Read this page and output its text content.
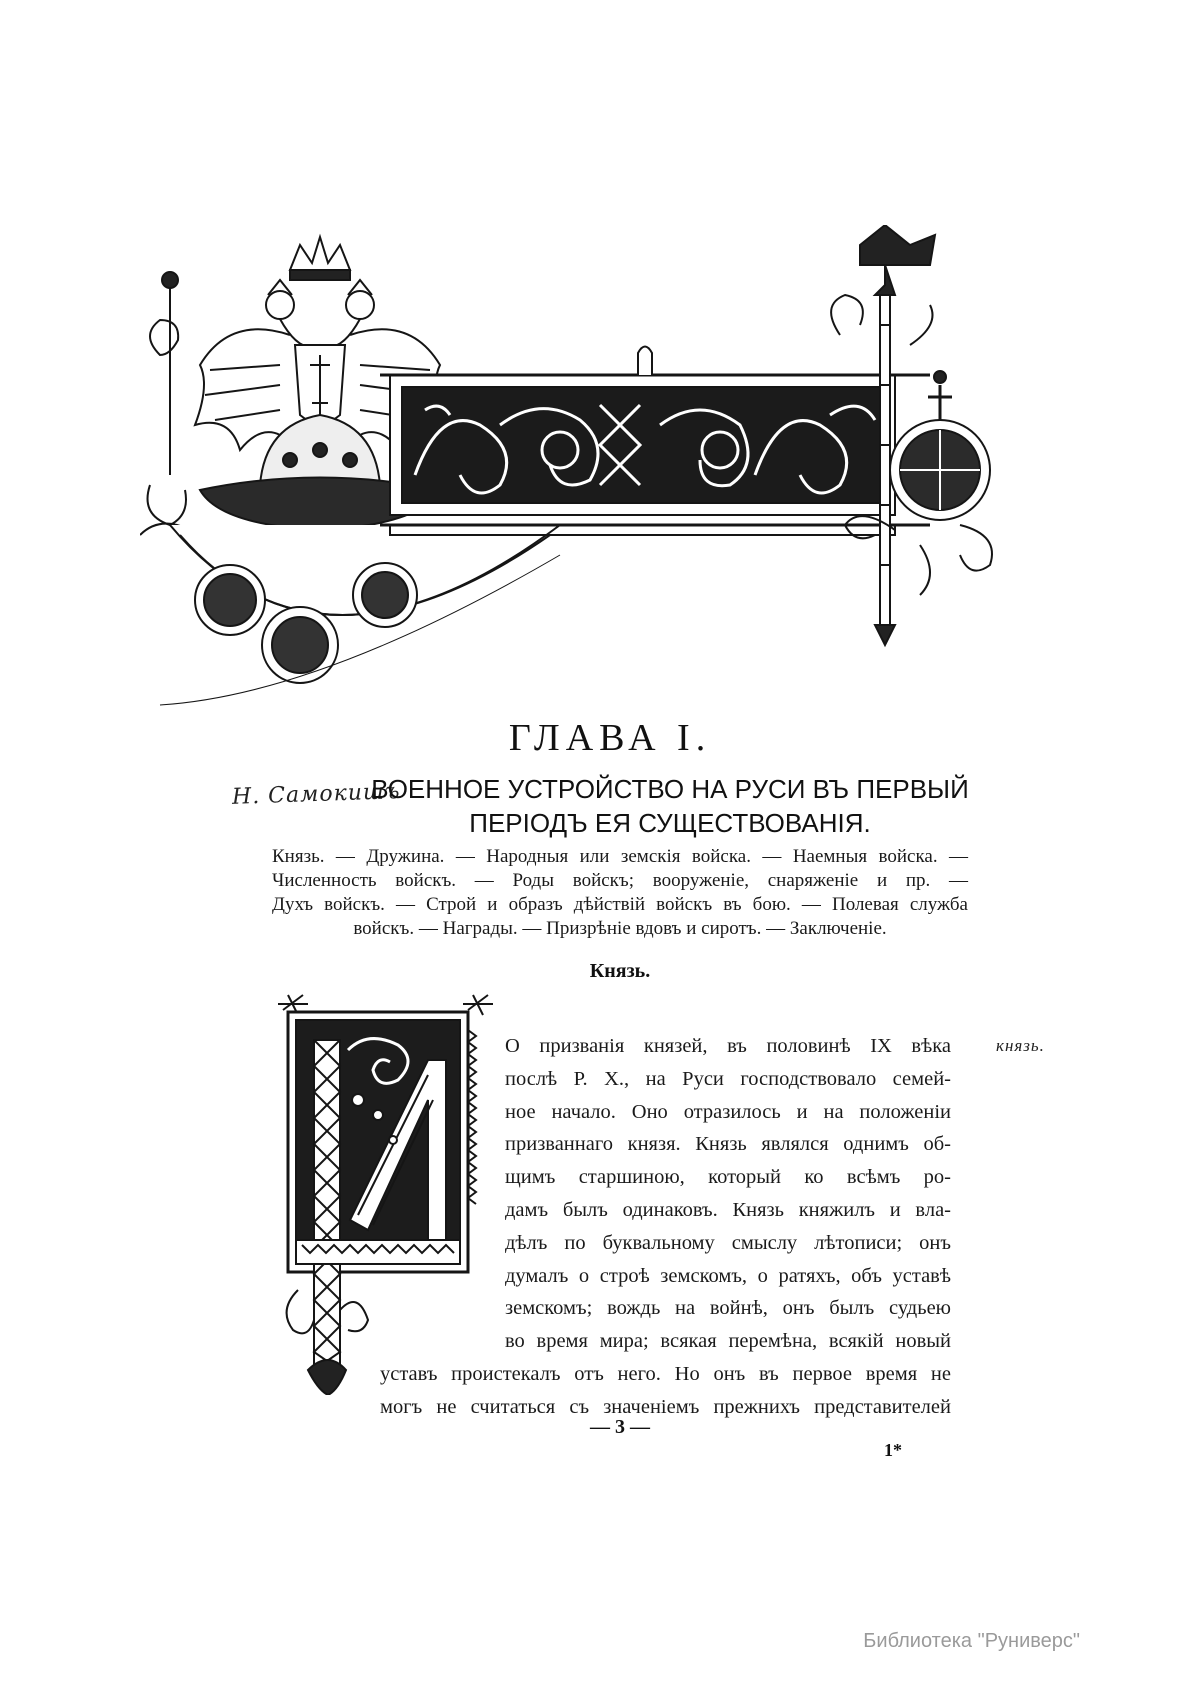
ГЛАВА I.
Н. Самокишъ
ВОЕННОЕ УСТРОЙСТВО НА РУСИ ВЪ ПЕРВЫЙ
ПЕРІОДЪ ЕЯ СУЩЕСТВОВАНІЯ.
Князь. — Дружина. — Народныя или земскія войска. — Наемныя войска. —
Численность войскъ. — Роды войскъ; вооруженіе, снаряженіе и пр. —
Духъ войскъ. — Строй и образъ дѣйствій войскъ въ бою. — Полевая служба
войскъ. — Награды. — Призрѣніе вдовъ и сиротъ. — Заключеніе.
Князь.
О призванія князей, въ половинѣ IX вѣка
послѣ Р. Х., на Руси господствовало семей-
ное начало. Оно отразилось и на положеніи
призваннаго князя. Князь являлся однимъ об-
щимъ старшиною, который ко всѣмъ ро-
дамъ былъ одинаковъ. Князь княжилъ и вла-
дѣлъ по буквальному смыслу лѣтописи; онъ
думалъ о строѣ земскомъ, о ратяхъ, объ уставѣ
земскомъ; вождь на войнѣ, онъ былъ судьею
во время мира; всякая перемѣна, всякій новый
уставъ проистекалъ отъ него. Но онъ въ первое время не
могъ не считаться съ значеніемъ прежнихъ представителей
князь.
— 3 —
1*
Библиотека "Руниверс"
